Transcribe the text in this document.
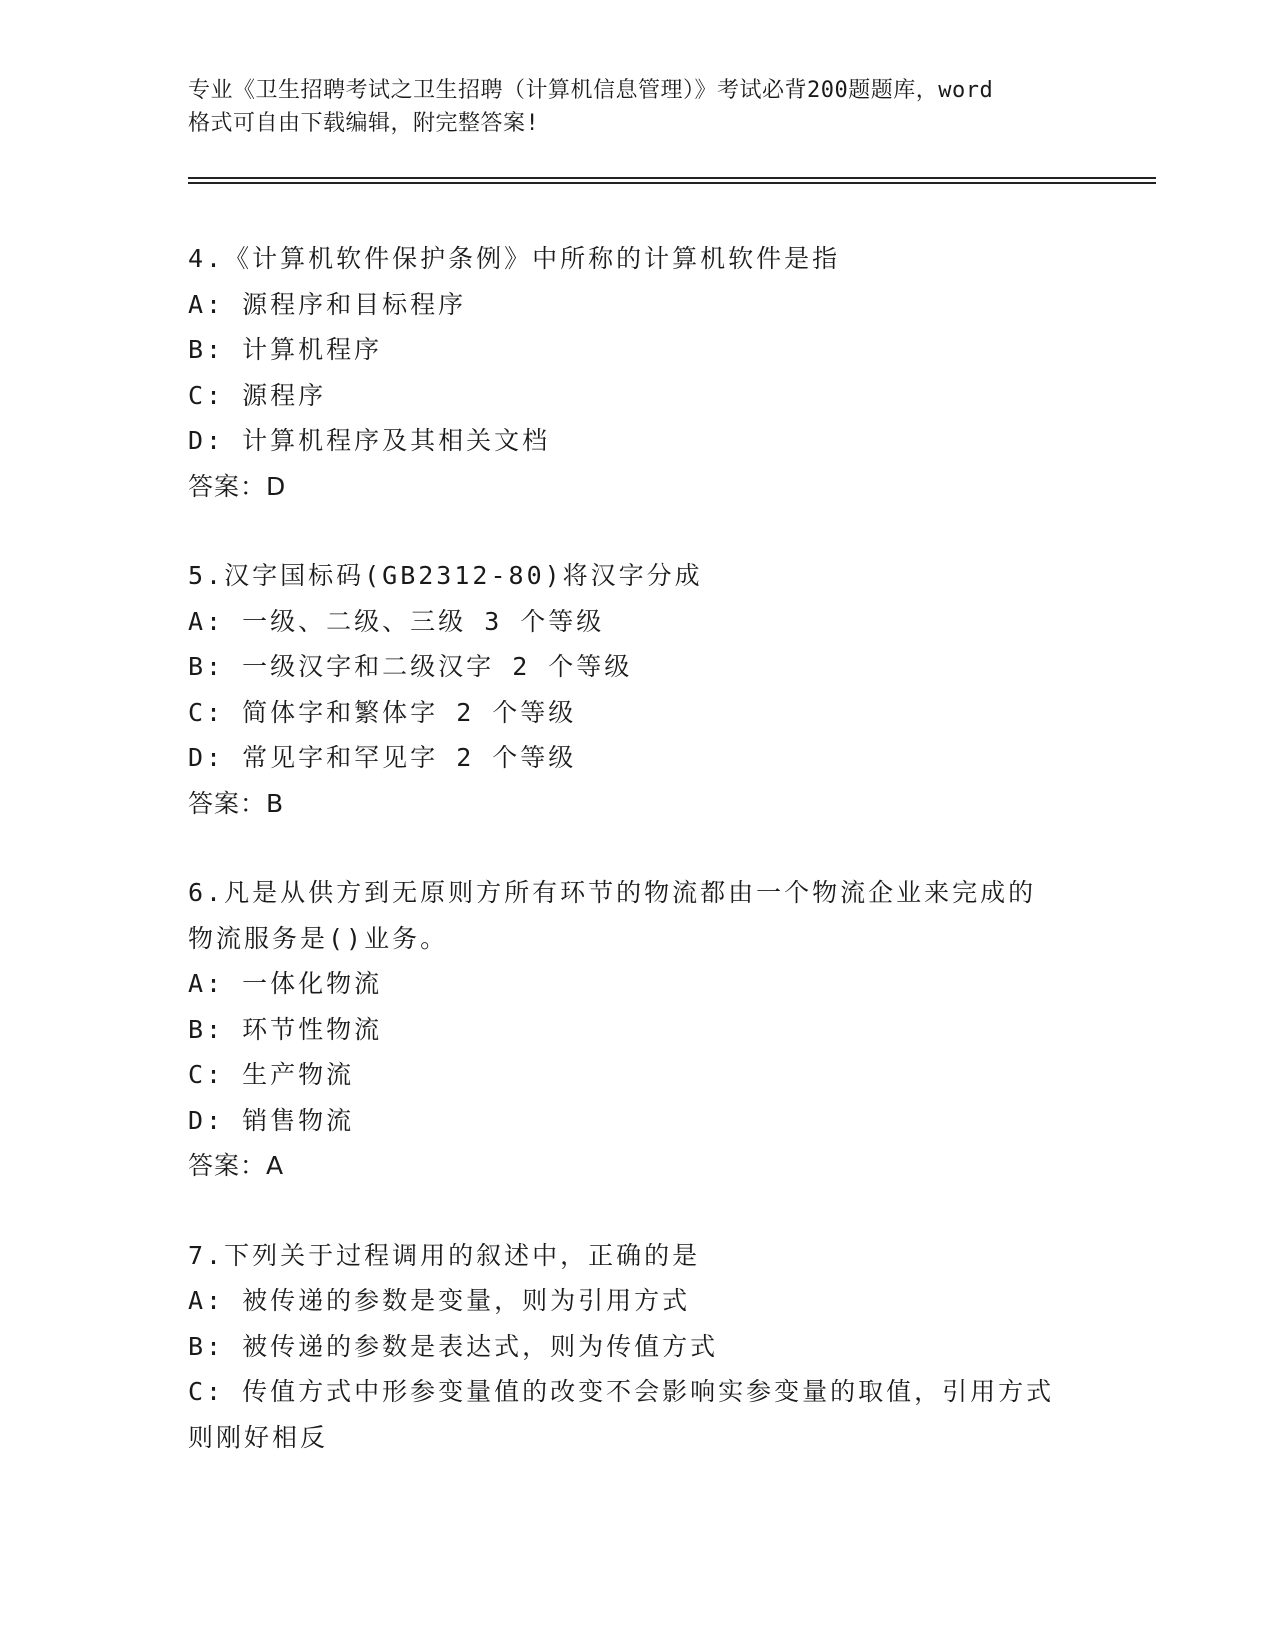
专业《卫生招聘考试之卫生招聘（计算机信息管理）》考试必背200题题库，word
格式可自由下载编辑，附完整答案!
4.《计算机软件保护条例》中所称的计算机软件是指
A: 源程序和目标程序
B: 计算机程序
C: 源程序
D: 计算机程序及其相关文档
答案：D
5.汉字国标码(GB2312-80)将汉字分成
A: 一级、二级、三级 3 个等级
B: 一级汉字和二级汉字 2 个等级
C: 简体字和繁体字 2 个等级
D: 常见字和罕见字 2 个等级
答案：B
6.凡是从供方到无原则方所有环节的物流都由一个物流企业来完成的
物流服务是()业务。
A: 一体化物流
B: 环节性物流
C: 生产物流
D: 销售物流
答案：A
7.下列关于过程调用的叙述中，正确的是
A: 被传递的参数是变量，则为引用方式
B: 被传递的参数是表达式，则为传值方式
C: 传值方式中形参变量值的改变不会影响实参变量的取值，引用方式
则刚好相反
